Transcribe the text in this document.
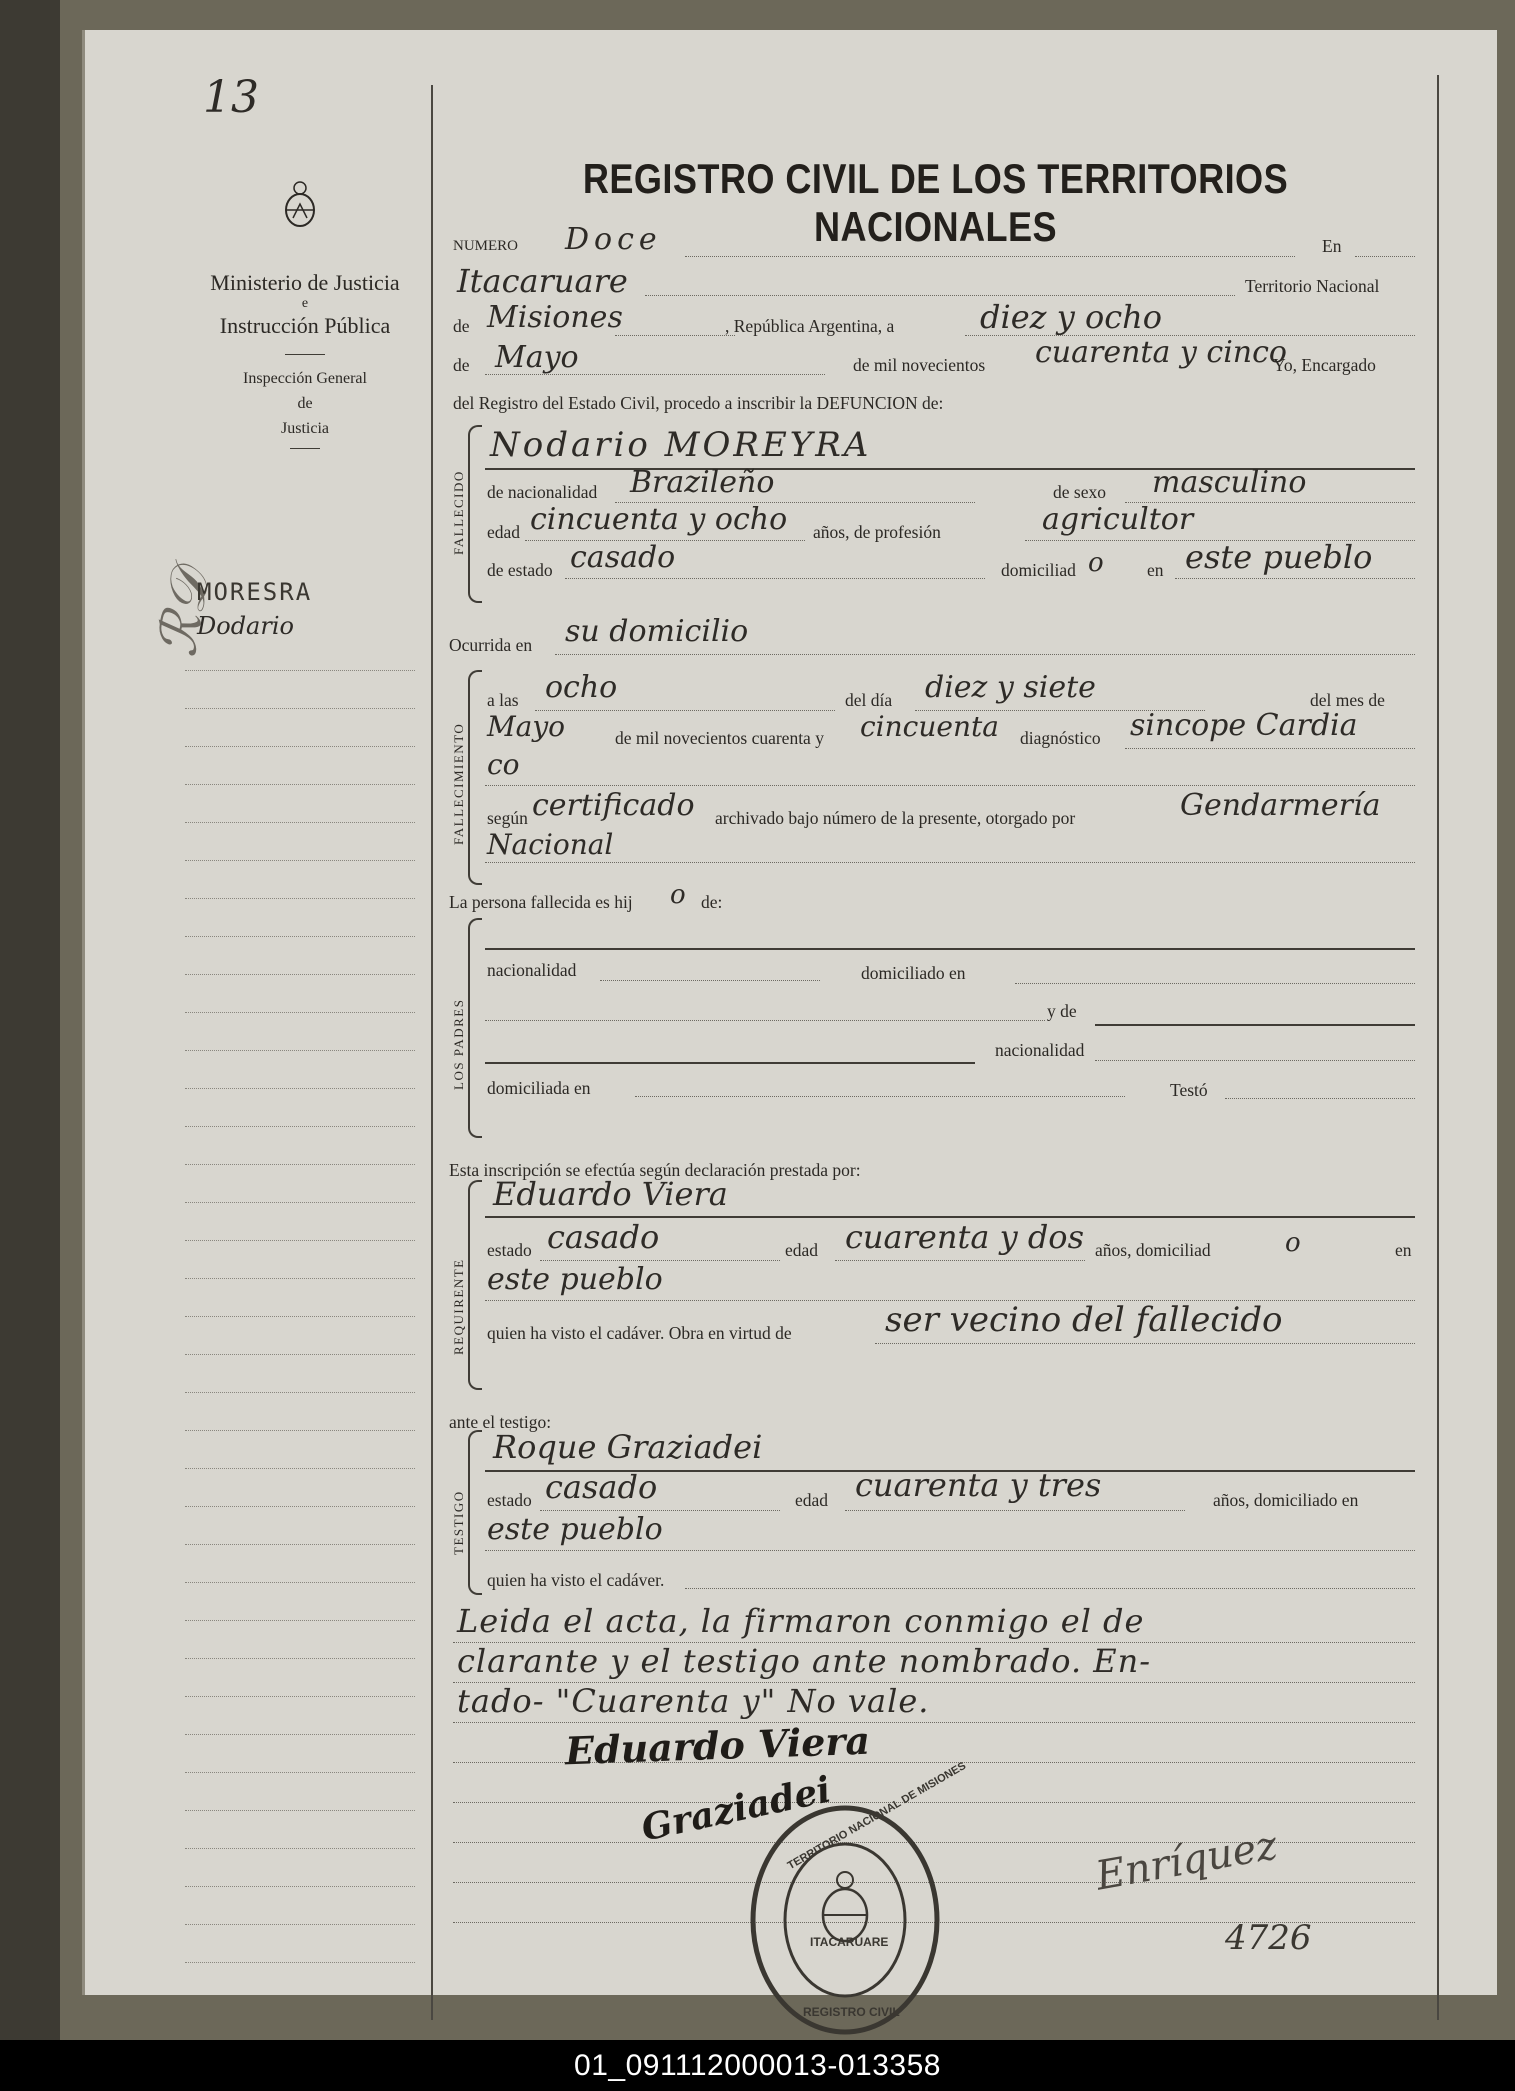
13
Ministerio de Justicia
e
Instrucción Pública
Inspección General
de
Justicia
ℛ𝒟
MORESRA
Dodario
REGISTRO CIVIL DE LOS TERRITORIOS NACIONALES
NUMERO Doce	En
Itacaruare	Territorio Nacional
de Misiones	, República Argentina, a	diez y ocho
de Mayo	de mil novecientos cuarenta y cinco
Yo, Encargado
del Registro del Estado Civil, procedo a inscribir la DEFUNCION de:
FALLECIDO
Nodario MOREYRA
de nacionalidad Brazileño	de sexo masculino
edad cincuenta y ocho años, de profesión	agricultor
de estado casado	domiciliad o en este pueblo
Ocurrida en su domicilio
FALLECIMIENTO
a las ocho	del día diez y siete	del mes de
Mayo	de mil novecientos cuarenta y cincuenta diagnóstico sincope Cardia
co
según certificado archivado bajo número de la presente, otorgado por	Gendarmería
Nacional
La persona fallecida es hij o de:
LOS PADRES
nacionalidad	domiciliado en
y de
nacionalidad
domiciliada en	Testó
Esta inscripción se efectúa según declaración prestada por:
REQUIRENTE
Eduardo Viera
estado casado	edad cuarenta y dos años, domiciliad	o	en
este pueblo
quien ha visto el cadáver. Obra en virtud de	ser vecino del fallecido
ante el testigo:
TESTIGO
Roque Graziadei
estado casado	edad cuarenta y tres	años, domiciliado en
este pueblo
quien ha visto el cadáver.
Leida el acta, la firmaron conmigo el de
clarante y el testigo ante nombrado. En-
tado- "Cuarenta y" No vale.
Eduardo Viera
Graziadei
Enríquez
4726
TERRITORIO NACIONAL DE MISIONES
ITACARUARE
REGISTRO CIVIL
01_091112000013-013358
